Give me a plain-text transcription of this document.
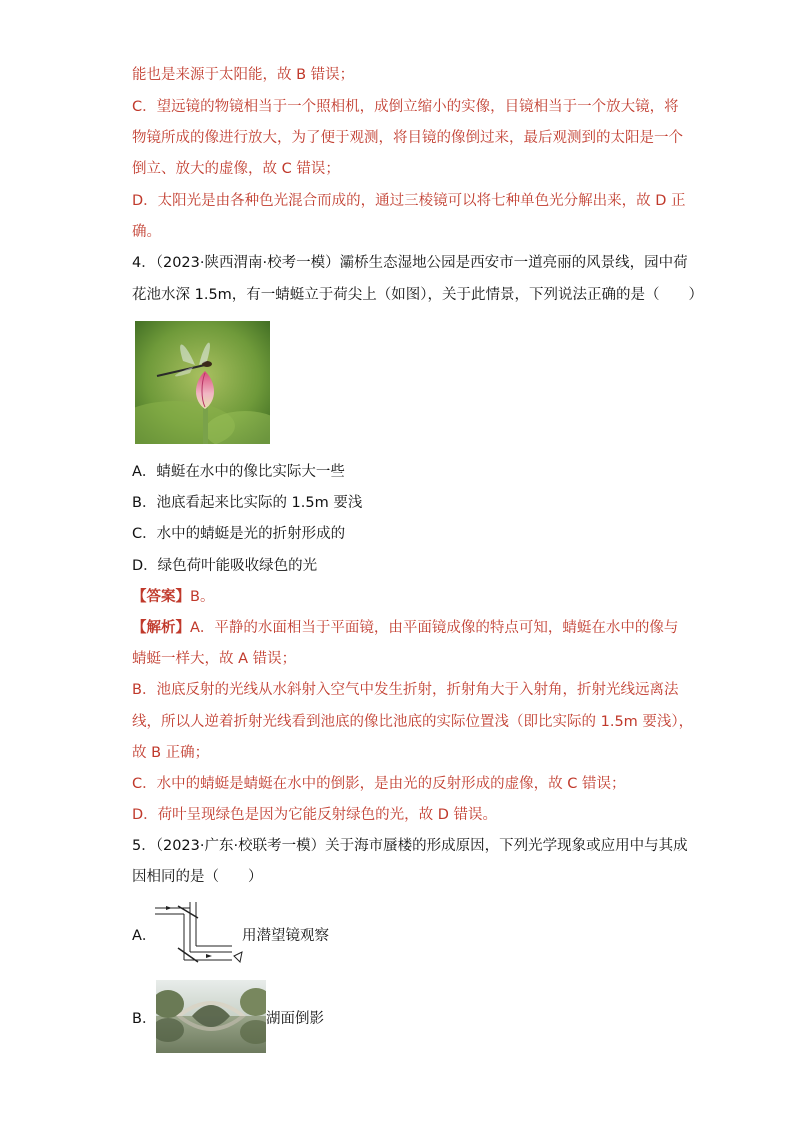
能也是来源于太阳能，故 B 错误；
C．望远镜的物镜相当于一个照相机，成倒立缩小的实像，目镜相当于一个放大镜，将
物镜所成的像进行放大，为了便于观测，将目镜的像倒过来，最后观测到的太阳是一个
倒立、放大的虚像，故 C 错误；
D．太阳光是由各种色光混合而成的，通过三棱镜可以将七种单色光分解出来，故 D 正
确。
4．（2023·陕西渭南·校考一模）灞桥生态湿地公园是西安市一道亮丽的风景线，园中荷
花池水深 1.5m，有一蜻蜓立于荷尖上（如图），关于此情景，下列说法正确的是（　　）
A．蜻蜓在水中的像比实际大一些
B．池底看起来比实际的 1.5m 要浅
C．水中的蜻蜓是光的折射形成的
D．绿色荷叶能吸收绿色的光
【答案】B。
【解析】A．平静的水面相当于平面镜，由平面镜成像的特点可知，蜻蜓在水中的像与
蜻蜓一样大，故 A 错误；
B．池底反射的光线从水斜射入空气中发生折射，折射角大于入射角，折射光线远离法
线，所以人逆着折射光线看到池底的像比池底的实际位置浅（即比实际的 1.5m 要浅），
故 B 正确；
C．水中的蜻蜓是蜻蜓在水中的倒影，是由光的反射形成的虚像，故 C 错误；
D．荷叶呈现绿色是因为它能反射绿色的光，故 D 错误。
5．（2023·广东·校联考一模）关于海市蜃楼的形成原因，下列光学现象或应用中与其成
因相同的是（　　）
A．	用潜望镜观察
B．	湖面倒影
